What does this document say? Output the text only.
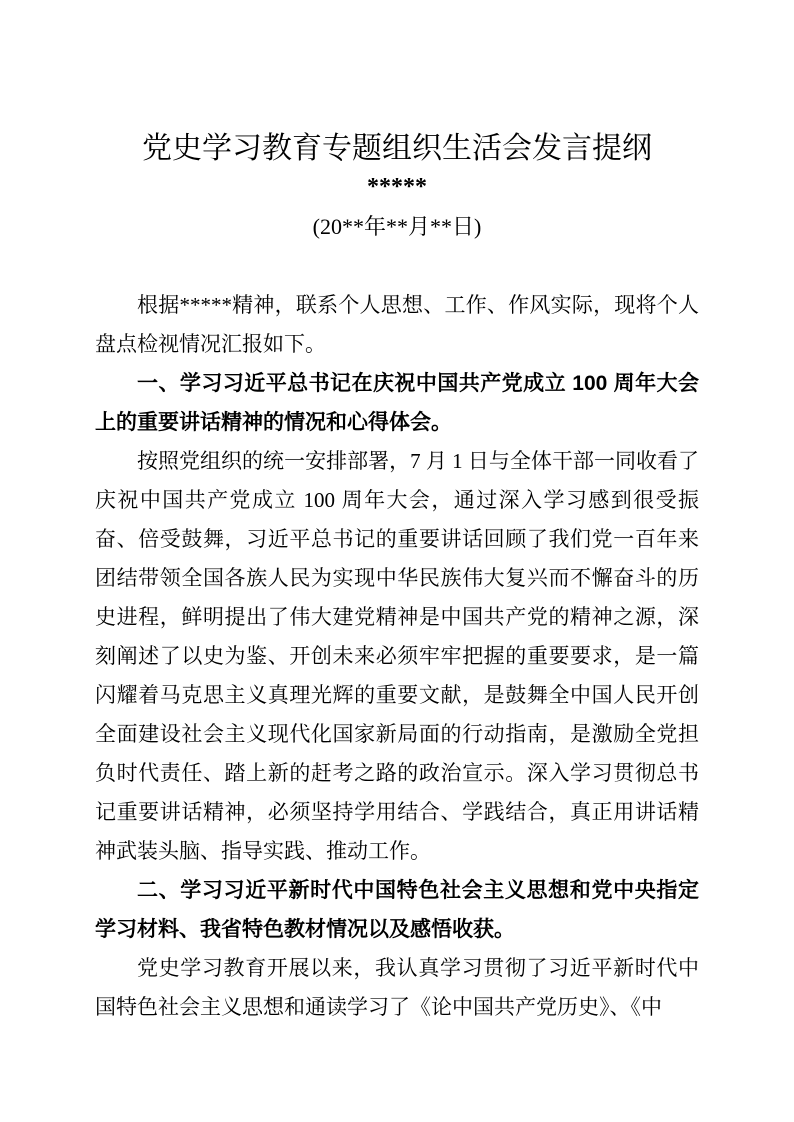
党史学习教育专题组织生活会发言提纲
*****
(20**年**月**日)

根据*****精神，联系个人思想、工作、作风实际，现将个人盘点检视情况汇报如下。

一、学习习近平总书记在庆祝中国共产党成立 100 周年大会上的重要讲话精神的情况和心得体会。

按照党组织的统一安排部署，7 月 1 日与全体干部一同收看了庆祝中国共产党成立 100 周年大会，通过深入学习感到很受振奋、倍受鼓舞，习近平总书记的重要讲话回顾了我们党一百年来团结带领全国各族人民为实现中华民族伟大复兴而不懈奋斗的历史进程，鲜明提出了伟大建党精神是中国共产党的精神之源，深刻阐述了以史为鉴、开创未来必须牢牢把握的重要要求，是一篇闪耀着马克思主义真理光辉的重要文献，是鼓舞全中国人民开创全面建设社会主义现代化国家新局面的行动指南，是激励全党担负时代责任、踏上新的赶考之路的政治宣示。深入学习贯彻总书记重要讲话精神，必须坚持学用结合、学践结合，真正用讲话精神武装头脑、指导实践、推动工作。

二、学习习近平新时代中国特色社会主义思想和党中央指定学习材料、我省特色教材情况以及感悟收获。

党史学习教育开展以来，我认真学习贯彻了习近平新时代中国特色社会主义思想和通读学习了《论中国共产党历史》、《中
